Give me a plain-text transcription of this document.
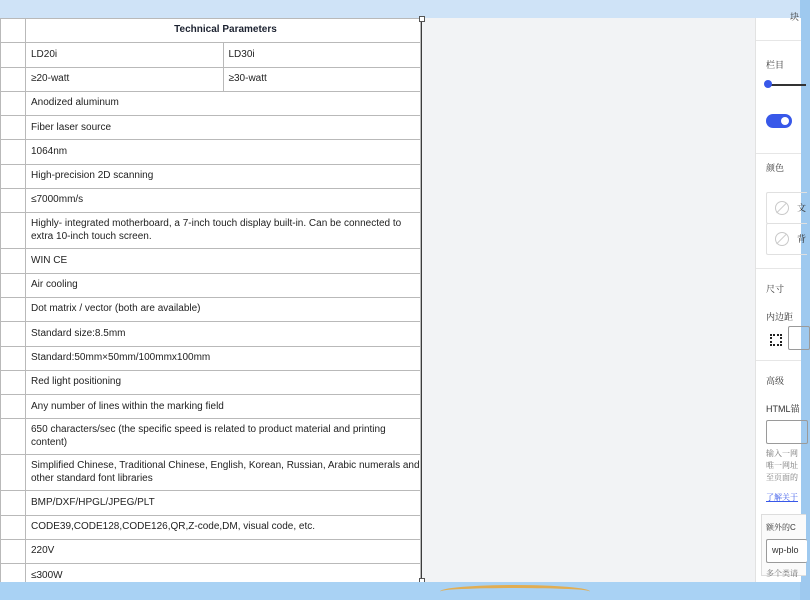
	Technical Parameters	
	LD20i	LD30i
	≥20-watt	≥30-watt
	Anodized aluminum	
	Fiber laser source	
	1064nm	
	High-precision 2D scanning	
	≤7000mm/s	
	Highly- integrated motherboard, a 7-inch touch display built-in. Can be connected to extra 10-inch touch screen.	
	WIN CE	
	Air cooling	
	Dot matrix / vector (both are available)	
	Standard size:8.5mm	
	Standard:50mm×50mm/100mmx100mm	
	Red light positioning	
	Any number of lines within the marking field	
	650 characters/sec (the specific speed is related to product material and printing content)	
	Simplified Chinese, Traditional Chinese, English, Korean, Russian, Arabic numerals and other standard font libraries	
	BMP/DXF/HPGL/JPEG/PLT	
	CODE39,CODE128,CODE126,QR,Z-code,DM, visual code, etc.	
	220V	
	≤300W	
块
栏目
颜色
文
背
尺寸
内边距
高级
HTML锚
输入一网
唯一网址
至页面的
了解关于
额外的C
wp-blo
多个类请
